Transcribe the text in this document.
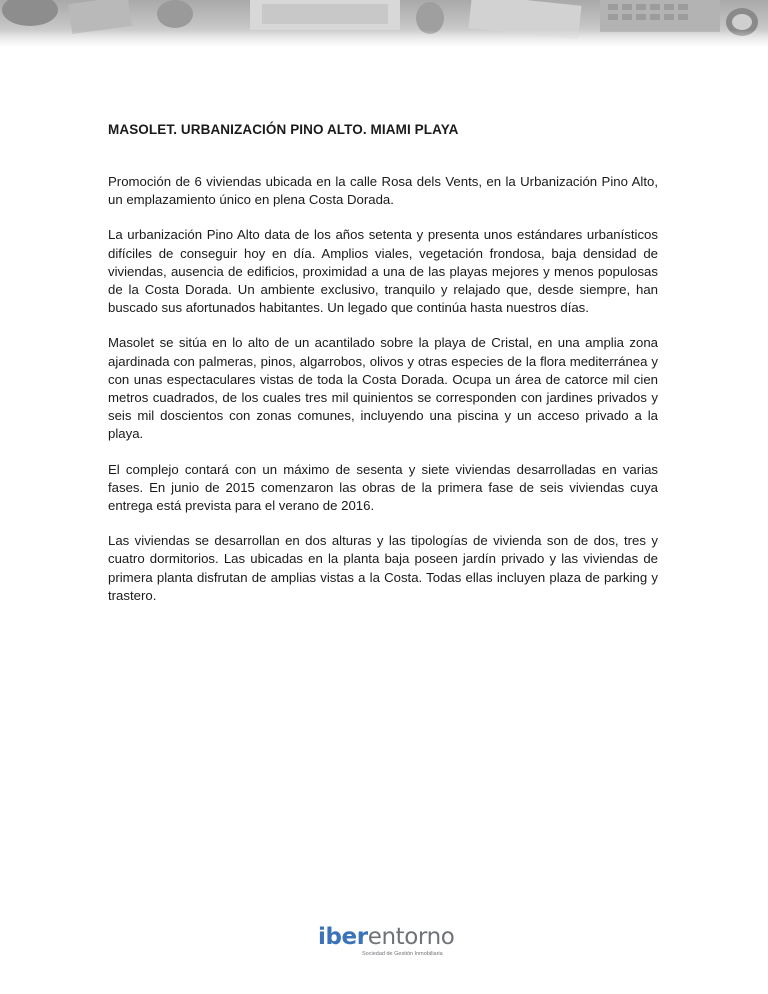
MASOLET. URBANIZACIÓN PINO ALTO. MIAMI PLAYA

Promoción de 6 viviendas ubicada en la calle Rosa dels Vents, en la Urbanización Pino Alto, un emplazamiento único en plena Costa Dorada.

La urbanización Pino Alto data de los años setenta y presenta unos estándares urbanísticos difíciles de conseguir hoy en día. Amplios viales, vegetación frondosa, baja densidad de viviendas, ausencia de edificios, proximidad a una de las playas mejores y menos populosas de la Costa Dorada. Un ambiente exclusivo, tranquilo y relajado que, desde siempre, han buscado sus afortunados habitantes. Un legado que continúa hasta nuestros días.

Masolet se sitúa en lo alto de un acantilado sobre la playa de Cristal, en una amplia zona ajardinada con palmeras, pinos, algarrobos, olivos y otras especies de la flora mediterránea y con unas espectaculares vistas de toda la Costa Dorada. Ocupa un área de catorce mil cien metros cuadrados, de los cuales tres mil quinientos se corresponden con jardines privados y seis mil doscientos con zonas comunes, incluyendo una piscina y un acceso privado a la playa.

El complejo contará con un máximo de sesenta y siete viviendas desarrolladas en varias fases. En junio de 2015 comenzaron las obras de la primera fase de seis viviendas cuya entrega está prevista para el verano de 2016.

Las viviendas se desarrollan en dos alturas y las tipologías de vivienda son de dos, tres y cuatro dormitorios. Las ubicadas en la planta baja poseen jardín privado y las viviendas de primera planta disfrutan de amplias vistas a la Costa. Todas ellas incluyen plaza de parking y trastero.

iberentorno
Sociedad de Gestión Inmobiliaria
